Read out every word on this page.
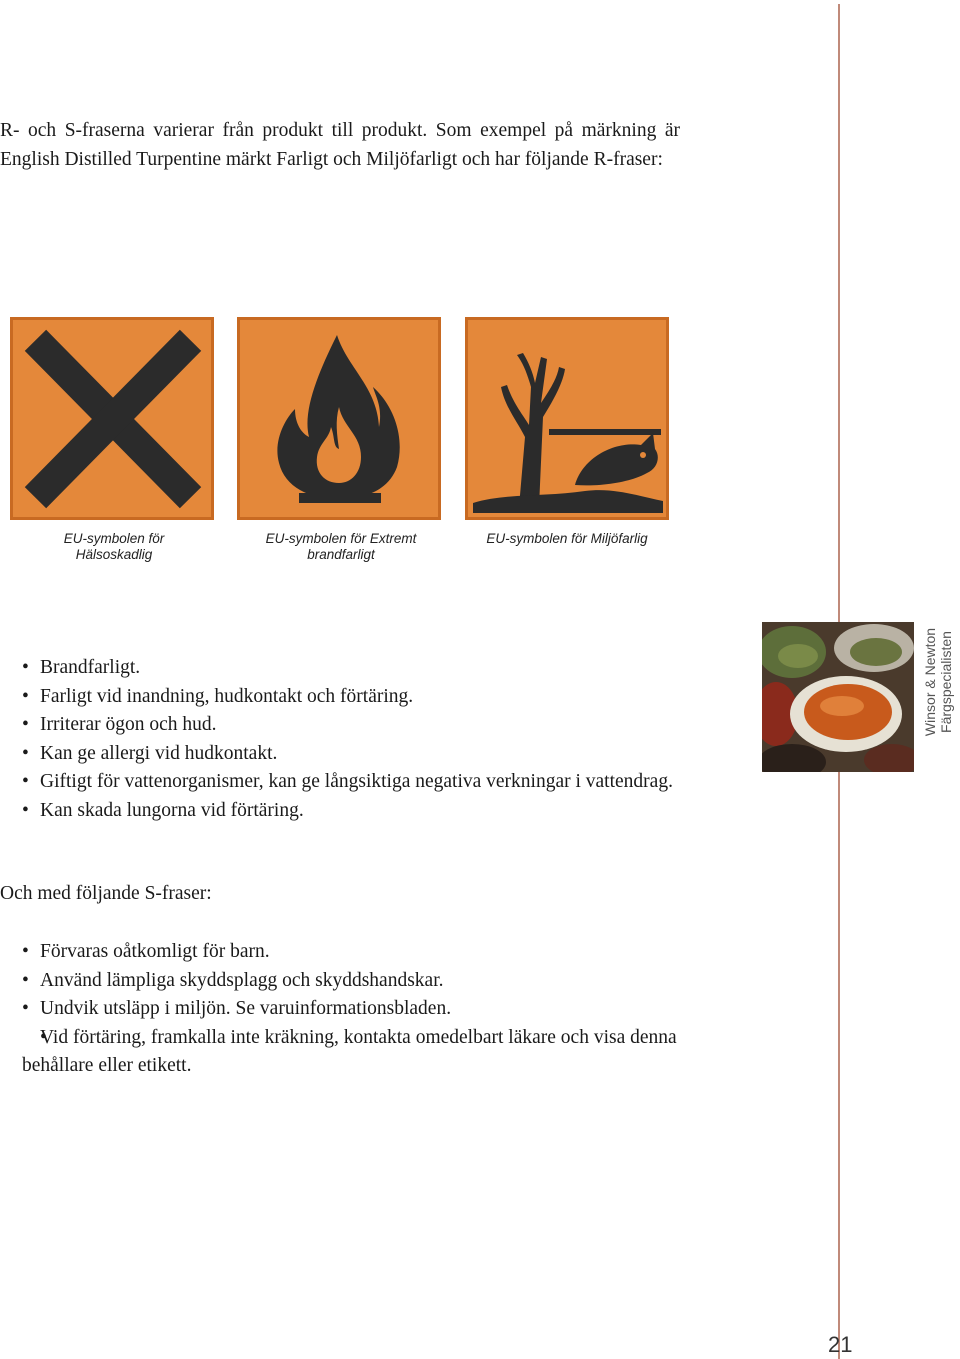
R- och S-fraserna varierar från produkt till produkt. Som exempel på märkning är English Distilled Turpentine märkt Farligt och Miljöfarligt och har följande R-fraser:

EU-symbolen för
Hälsoskadlig
EU-symbolen för Extremt
brandfarligt
EU-symbolen för Miljöfarlig
• Brandfarligt.
• Farligt vid inandning, hudkontakt och förtäring.
• Irriterar ögon och hud.
• Kan ge allergi vid hudkontakt.
• Giftigt för vattenorganismer, kan ge långsiktiga negativa verkningar i vattendrag.
• Kan skada lungorna vid förtäring.
Winsor & Newton Färgspecialisten
Och med följande S-fraser:
• Förvaras oåtkomligt för barn.
• Använd lämpliga skyddsplagg och skyddshandskar.
• Undvik utsläpp i miljön. Se varuinformationsbladen.
• Vid förtäring, framkalla inte kräkning, kontakta omedelbart läkare och visa denna behållare eller etikett.
21
